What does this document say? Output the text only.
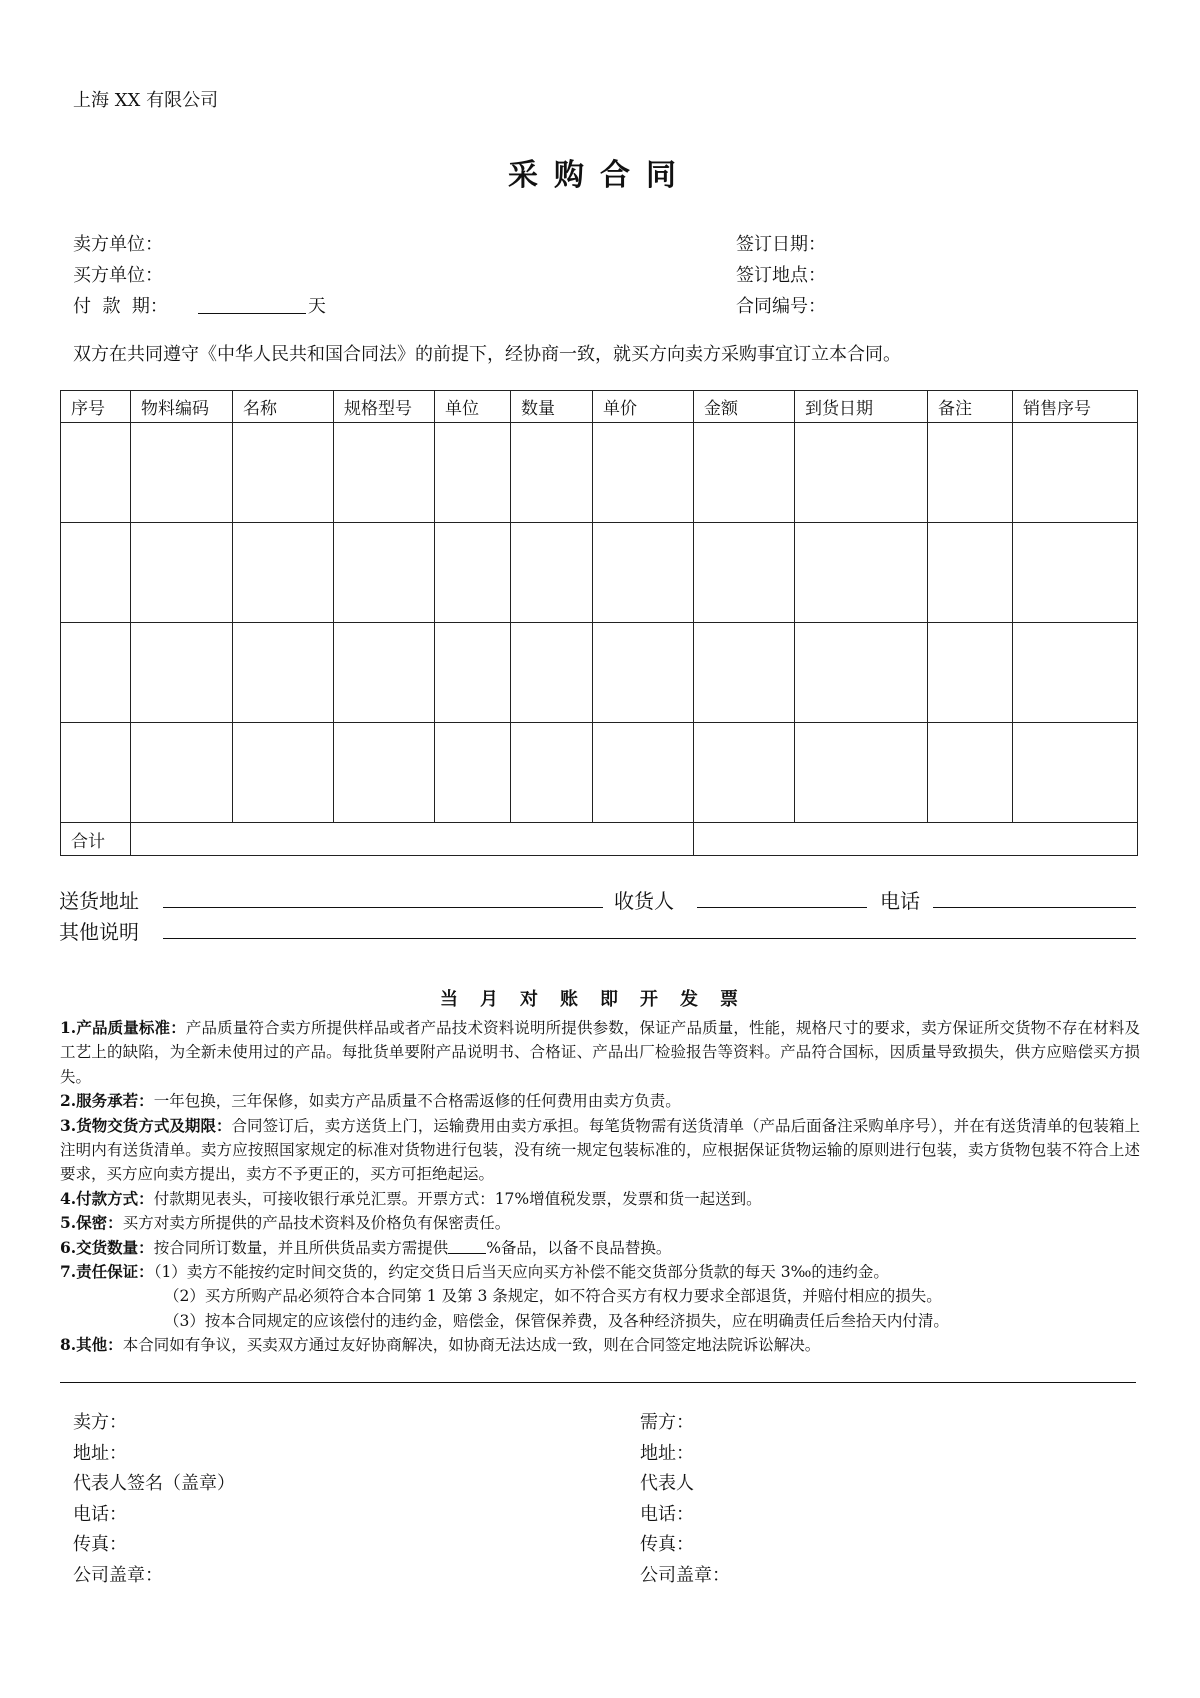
上海 XX 有限公司
采购合同
卖方单位：
买方单位：
付  款  期：	天
签订日期：
签订地点：
合同编号：
双方在共同遵守《中华人民共和国合同法》的前提下，经协商一致，就买方向卖方采购事宜订立本合同。
序号	物料编码	名称	规格型号	单位	数量	单价	金额	到货日期	备注	销售序号

合计										
送货地址	收货人	电话
其他说明
当月对账即开发票

1.产品质量标准：产品质量符合卖方所提供样品或者产品技术资料说明所提供参数，保证产品质量，性能，规格尺寸的要求，卖方保证所交货物不存在材料及工艺上的缺陷，为全新未使用过的产品。每批货单要附产品说明书、合格证、产品出厂检验报告等资料。产品符合国标，因质量导致损失，供方应赔偿买方损失。

2.服务承若：一年包换，三年保修，如卖方产品质量不合格需返修的任何费用由卖方负责。

3.货物交货方式及期限：合同签订后，卖方送货上门，运输费用由卖方承担。每笔货物需有送货清单（产品后面备注采购单序号），并在有送货清单的包装箱上注明内有送货清单。卖方应按照国家规定的标准对货物进行包装，没有统一规定包装标准的，应根据保证货物运输的原则进行包装，卖方货物包装不符合上述要求，买方应向卖方提出，卖方不予更正的，买方可拒绝起运。

4.付款方式：付款期见表头，可接收银行承兑汇票。开票方式：17%增值税发票，发票和货一起送到。

5.保密：买方对卖方所提供的产品技术资料及价格负有保密责任。

6.交货数量：按合同所订数量，并且所供货品卖方需提供 %备品，以备不良品替换。

7.责任保证：（1）卖方不能按约定时间交货的，约定交货日后当天应向买方补偿不能交货部分货款的每天 3‰的违约金。

（2）买方所购产品必须符合本合同第 1 及第 3 条规定，如不符合买方有权力要求全部退货，并赔付相应的损失。

（3）按本合同规定的应该偿付的违约金，赔偿金，保管保养费，及各种经济损失，应在明确责任后叁拾天内付清。

8.其他：本合同如有争议，买卖双方通过友好协商解决，如协商无法达成一致，则在合同签定地法院诉讼解决。

卖方：
地址：
代表人签名（盖章）
电话：
传真：
公司盖章：
需方：
地址：
代表人
电话：
传真：
公司盖章：
